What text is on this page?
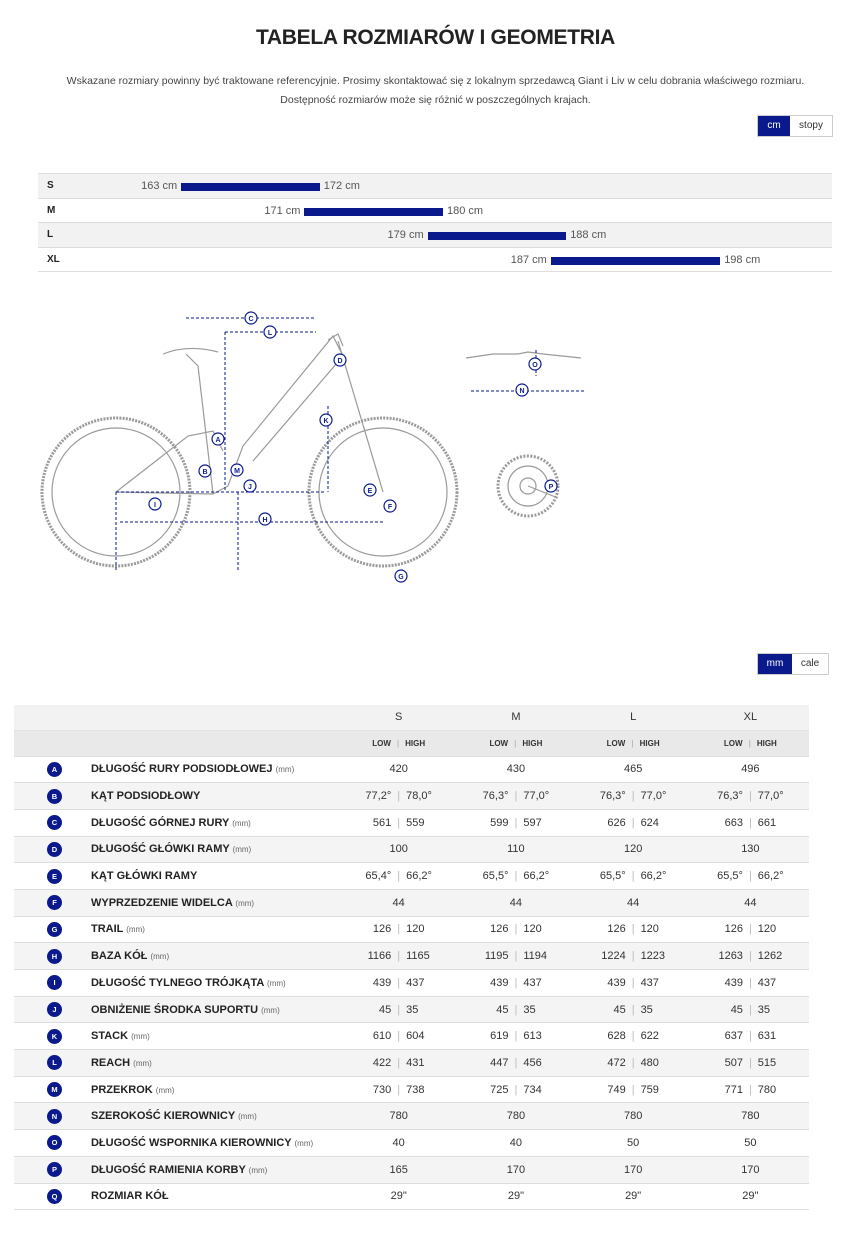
TABELA ROZMIARÓW I GEOMETRIA
Wskazane rozmiary powinny być traktowane referencyjnie. Prosimy skontaktować się z lokalnym sprzedawcą Giant i Liv w celu dobrania właściwego rozmiaru.
Dostępność rozmiarów może się różnić w poszczególnych krajach.
cm	stopy
S	163 cm	172 cm
M	171 cm	180 cm
L	179 cm	188 cm
XL	187 cm	198 cm
A
B
C
D
E
F
G
H
I
J
K
L
M
N
O
P
mm	cale
		S	M	L	XL
		LOW | HIGH	LOW | HIGH	LOW | HIGH	LOW | HIGH
A	DŁUGOŚĆ RURY PODSIODŁOWEJ (mm)	420	430	465	496
B	KĄT PODSIODŁOWY	77,2° | 78,0°	76,3° | 77,0°	76,3° | 77,0°	76,3° | 77,0°
C	DŁUGOŚĆ GÓRNEJ RURY (mm)	561 | 559	599 | 597	626 | 624	663 | 661
D	DŁUGOŚĆ GŁÓWKI RAMY (mm)	100	110	120	130
E	KĄT GŁÓWKI RAMY	65,4° | 66,2°	65,5° | 66,2°	65,5° | 66,2°	65,5° | 66,2°
F	WYPRZEDZENIE WIDELCA (mm)	44	44	44	44
G	TRAIL (mm)	126 | 120	126 | 120	126 | 120	126 | 120
H	BAZA KÓŁ (mm)	1166 | 1165	1195 | 1194	1224 | 1223	1263 | 1262
I	DŁUGOŚĆ TYLNEGO TRÓJKĄTA (mm)	439 | 437	439 | 437	439 | 437	439 | 437
J	OBNIŻENIE ŚRODKA SUPORTU (mm)	45 | 35	45 | 35	45 | 35	45 | 35
K	STACK (mm)	610 | 604	619 | 613	628 | 622	637 | 631
L	REACH (mm)	422 | 431	447 | 456	472 | 480	507 | 515
M	PRZEKROK (mm)	730 | 738	725 | 734	749 | 759	771 | 780
N	SZEROKOŚĆ KIEROWNICY (mm)	780	780	780	780
O	DŁUGOŚĆ WSPORNIKA KIEROWNICY (mm)	40	40	50	50
P	DŁUGOŚĆ RAMIENIA KORBY (mm)	165	170	170	170
Q	ROZMIAR KÓŁ	29"	29"	29"	29"
